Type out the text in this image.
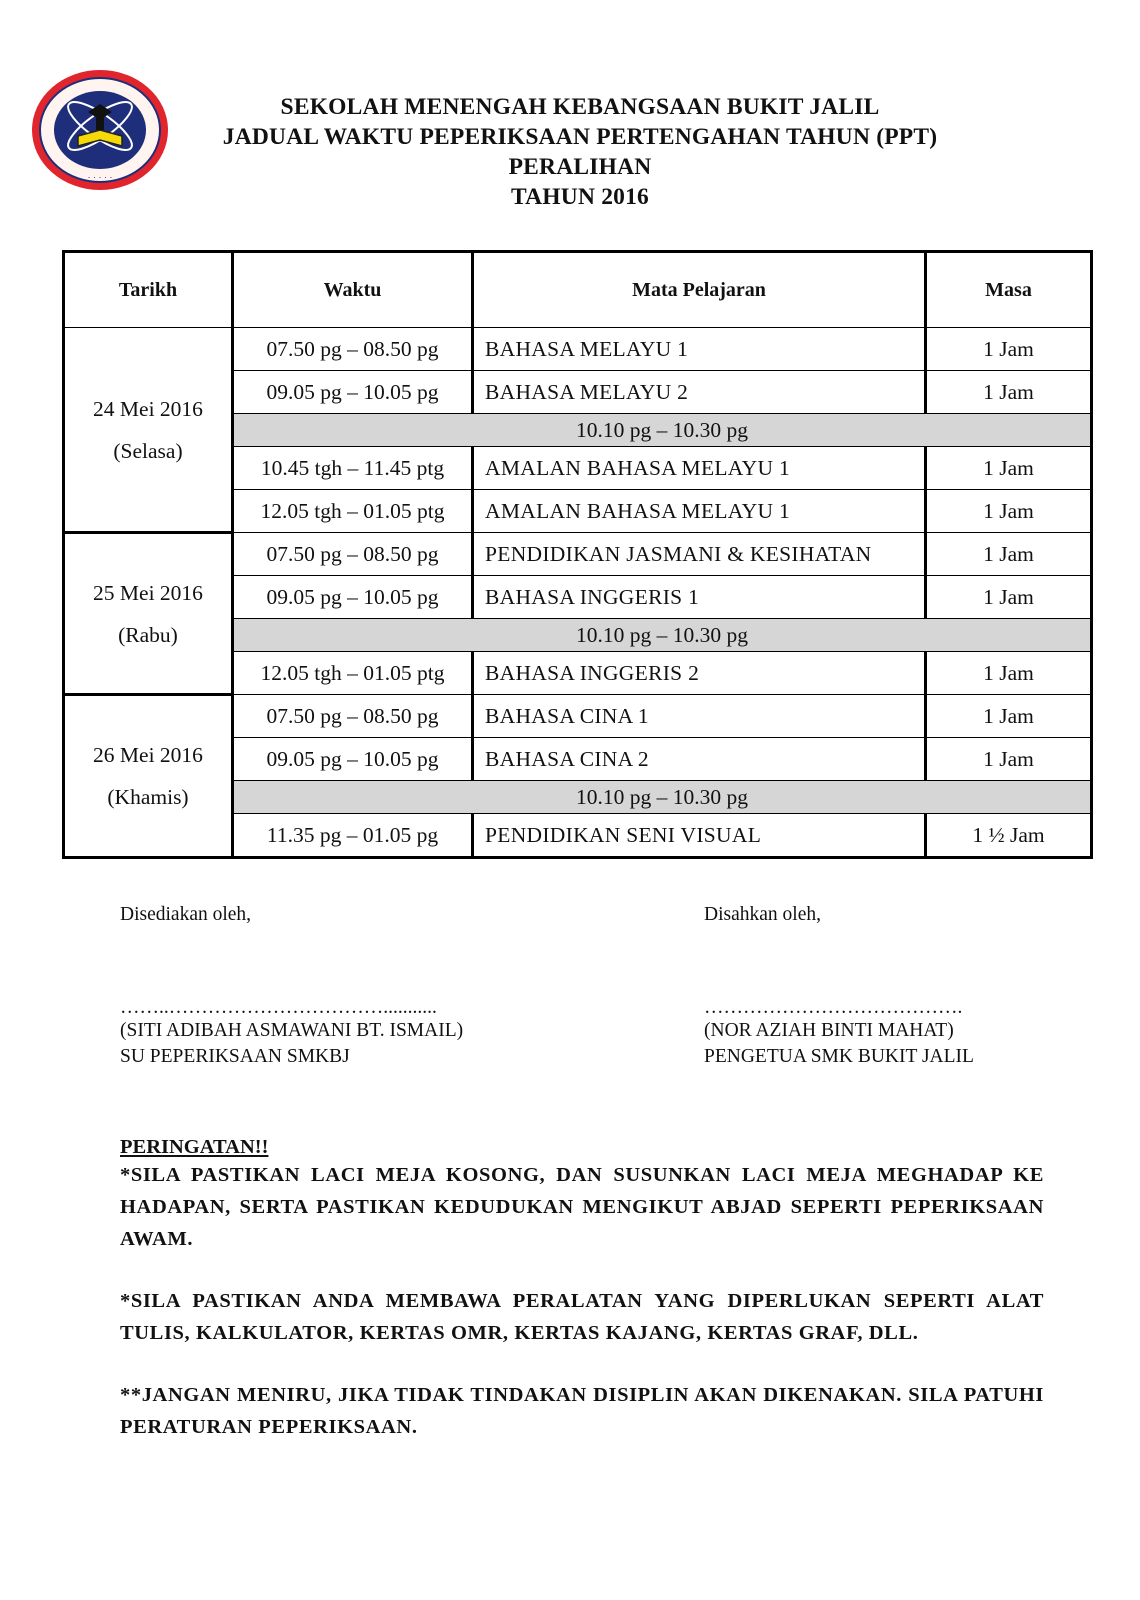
· · · · ·
SEKOLAH MENENGAH KEBANGSAAN BUKIT JALIL
JADUAL WAKTU PEPERIKSAAN PERTENGAHAN TAHUN (PPT)
PERALIHAN
TAHUN 2016
Tarikh	Waktu	Mata Pelajaran	Masa

24 Mei 2016
(Selasa)	07.50 pg – 08.50 pg	BAHASA MELAYU 1	1 Jam
	09.05 pg – 10.05 pg	BAHASA MELAYU 2	1 Jam
	10.10 pg – 10.30 pg		
	10.45 tgh – 11.45 ptg	AMALAN BAHASA MELAYU 1	1 Jam
	12.05 tgh – 01.05 ptg	AMALAN BAHASA MELAYU 1	1 Jam

25 Mei 2016
(Rabu)	07.50 pg – 08.50 pg	PENDIDIKAN JASMANI & KESIHATAN	1 Jam
	09.05 pg – 10.05 pg	BAHASA INGGERIS 1	1 Jam
	10.10 pg – 10.30 pg		
	12.05 tgh – 01.05 ptg	BAHASA INGGERIS 2	1 Jam

26 Mei 2016
(Khamis)	07.50 pg – 08.50 pg	BAHASA CINA 1	1 Jam
	09.05 pg – 10.05 pg	BAHASA CINA 2	1 Jam
	10.10 pg – 10.30 pg		
	11.35 pg – 01.05 pg	PENDIDIKAN SENI VISUAL	1 ½ Jam
Disediakan oleh,
……..……………………………...........
(SITI ADIBAH ASMAWANI BT. ISMAIL)
SU PEPERIKSAAN SMKBJ
Disahkan oleh,
………………………………….
(NOR AZIAH BINTI MAHAT)
PENGETUA SMK BUKIT JALIL
PERINGATAN!!

*SILA PASTIKAN LACI MEJA KOSONG, DAN SUSUNKAN LACI MEJA MEGHADAP KE HADAPAN, SERTA PASTIKAN KEDUDUKAN MENGIKUT ABJAD SEPERTI PEPERIKSAAN AWAM.

*SILA PASTIKAN ANDA MEMBAWA PERALATAN YANG DIPERLUKAN SEPERTI ALAT TULIS, KALKULATOR, KERTAS OMR, KERTAS KAJANG, KERTAS GRAF, DLL.

**JANGAN MENIRU, JIKA TIDAK TINDAKAN DISIPLIN AKAN DIKENAKAN. SILA PATUHI PERATURAN PEPERIKSAAN.
